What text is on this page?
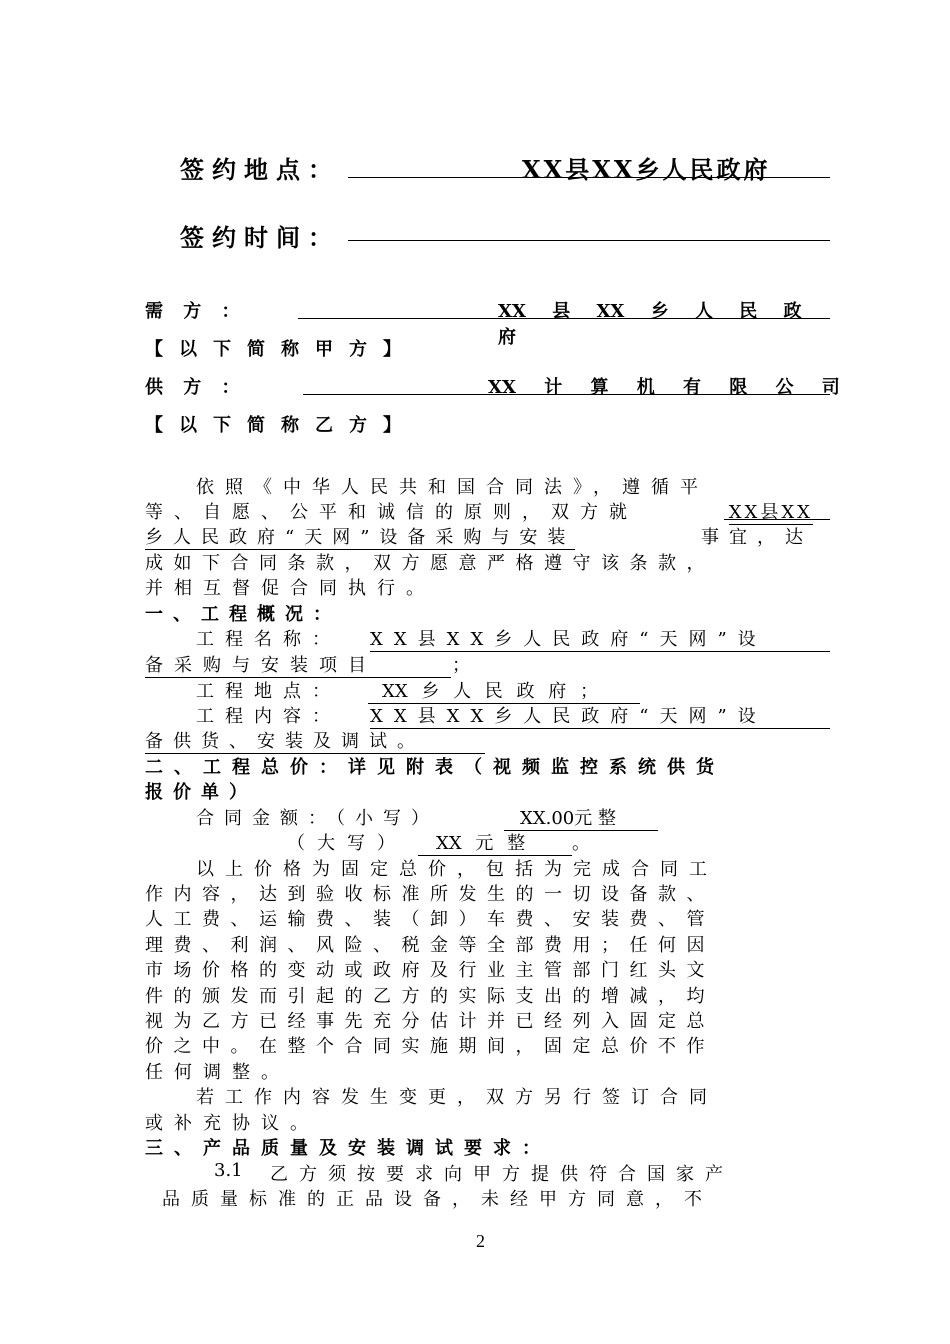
签约地点：	XX县XX乡人民政府
签约时间：
需 方 ：	XX 县 XX 乡 人 民 政 府
【以下简称甲方】
供 方 ：	XX 计 算 机 有 限 公 司
【以下简称乙方】
依照《中华人民共和国合同法》，遵循平
等、自愿、公平和诚信的原则，双方就	XX县XX
乡人民政府“天网”设备采购与安装	事宜，达
成如下合同条款，双方愿意严格遵守该条款，
并相互督促合同执行。
一、工程概况：
工程名称： XX县XX乡人民政府“天网”设
备采购与安装项目	；
工程地点：	XX 乡 人 民 政 府 ；
工程内容： XX县XX乡人民政府“天网”设
备供货、安装及调试。
二、工程总价：详见附表（视频监控系统供货
报价单）
合同金额：（小写）	XX.00元 整
（大写）	XX 元 整	。
以上价格为固定总价，包括为完成合同工
作内容，达到验收标准所发生的一切设备款、
人工费、运输费、装（卸）车费、安装费、管
理费、利润、风险、税金等全部费用；任何因
市场价格的变动或政府及行业主管部门红头文
件的颁发而引起的乙方的实际支出的增减，均
视为乙方已经事先充分估计并已经列入固定总
价之中。在整个合同实施期间，固定总价不作
任何调整。
若工作内容发生变更，双方另行签订合同
或补充协议。
三、产品质量及安装调试要求：
3.1 乙方须按要求向甲方提供符合国家产
品质量标准的正品设备，未经甲方同意，不
2
